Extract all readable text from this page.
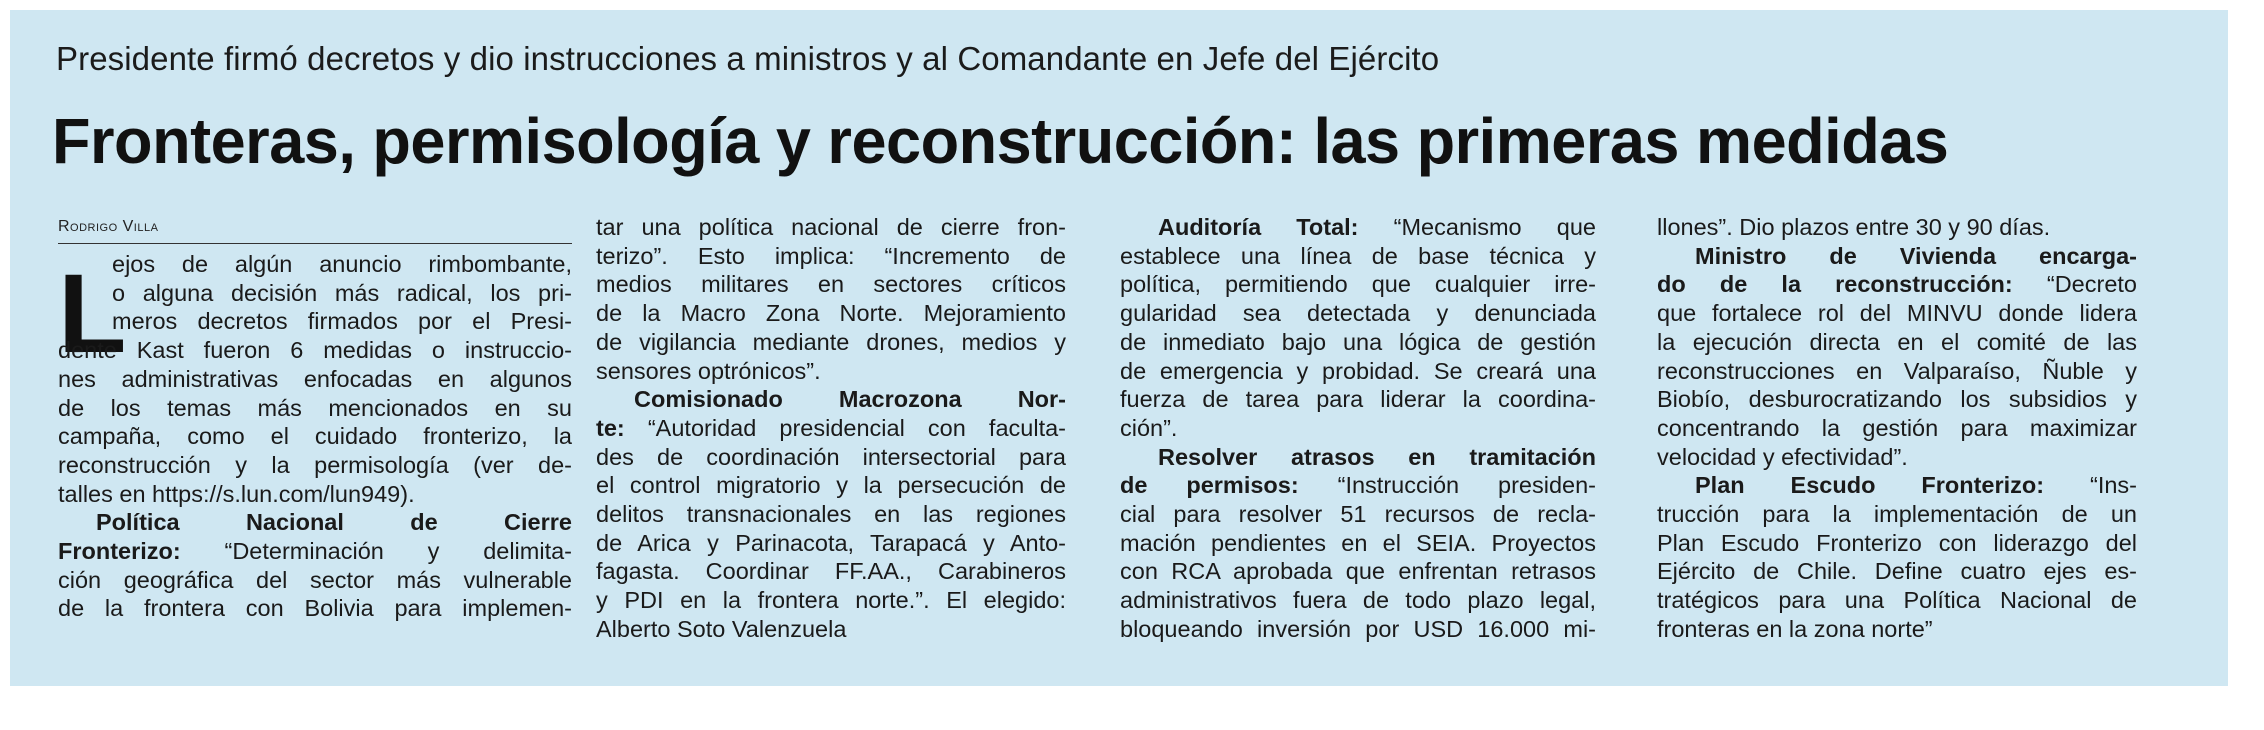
Presidente firmó decretos y dio instrucciones a ministros y al Comandante en Jefe del Ejército
Fronteras, permisología y reconstrucción: las primeras medidas
Rodrigo Villa
L

ejos de algún anuncio rimbombante,
o alguna decisión más radical, los pri-
meros decretos firmados por el Presi-
dente Kast fueron 6 medidas o instruccio-
nes administrativas enfocadas en algunos
de los temas más mencionados en su
campaña, como el cuidado fronterizo, la
reconstrucción y la permisología (ver de-
talles en https://s.lun.com/lun949).

Política Nacional de Cierre
Fronterizo: “Determinación y delimita-
ción geográfica del sector más vulnerable
de la frontera con Bolivia para implemen-

tar una política nacional de cierre fron-
terizo”. Esto implica: “Incremento de
medios militares en sectores críticos
de la Macro Zona Norte. Mejoramiento
de vigilancia mediante drones, medios y
sensores optrónicos”.

Comisionado Macrozona Nor-
te: “Autoridad presidencial con faculta-
des de coordinación intersectorial para
el control migratorio y la persecución de
delitos transnacionales en las regiones
de Arica y Parinacota, Tarapacá y Anto-
fagasta. Coordinar FF.AA., Carabineros
y PDI en la frontera norte.”. El elegido:
Alberto Soto Valenzuela

Auditoría Total: “Mecanismo que
establece una línea de base técnica y
política, permitiendo que cualquier irre-
gularidad sea detectada y denunciada
de inmediato bajo una lógica de gestión
de emergencia y probidad. Se creará una
fuerza de tarea para liderar la coordina-
ción”.

Resolver atrasos en tramitación
de permisos: “Instrucción presiden-
cial para resolver 51 recursos de recla-
mación pendientes en el SEIA. Proyectos
con RCA aprobada que enfrentan retrasos
administrativos fuera de todo plazo legal,
bloqueando inversión por USD 16.000 mi-

llones”. Dio plazos entre 30 y 90 días.

Ministro de Vivienda encarga-
do de la reconstrucción: “Decreto
que fortalece rol del MINVU donde lidera
la ejecución directa en el comité de las
reconstrucciones en Valparaíso, Ñuble y
Biobío, desburocratizando los subsidios y
concentrando la gestión para maximizar
velocidad y efectividad”.

Plan Escudo Fronterizo: “Ins-
trucción para la implementación de un
Plan Escudo Fronterizo con liderazgo del
Ejército de Chile. Define cuatro ejes es-
tratégicos para una Política Nacional de
fronteras en la zona norte”
